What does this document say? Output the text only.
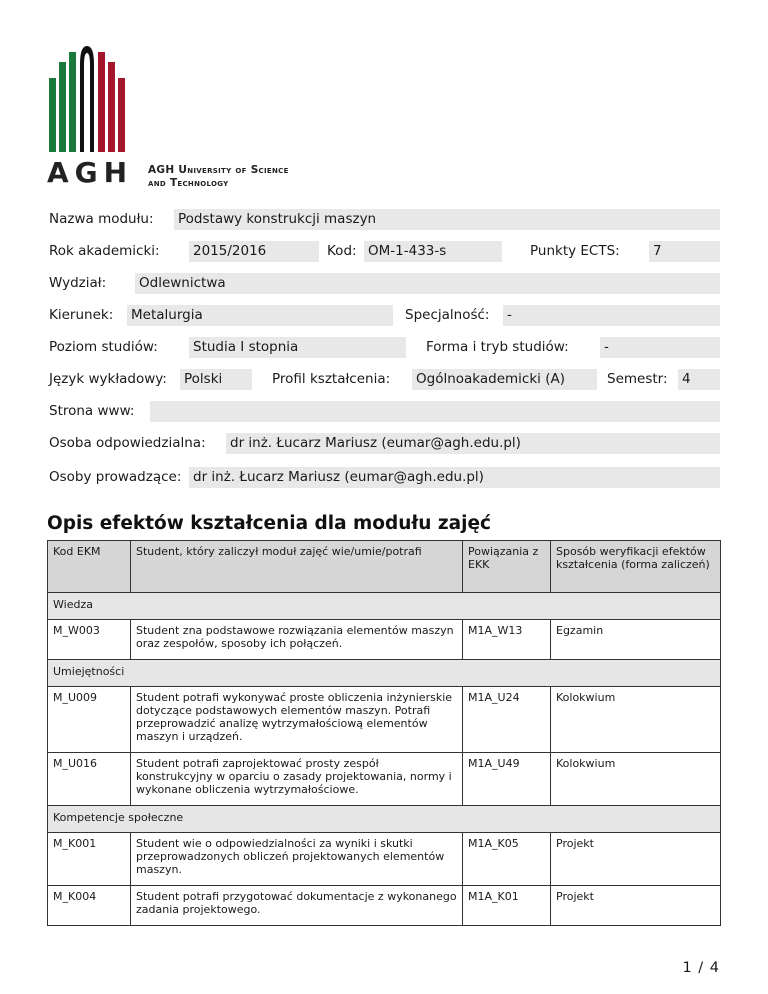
AGH AGH University of Science
and Technology
Nazwa modułu: Podstawy konstrukcji maszyn
Rok akademicki: 2015/2016	Kod: OM-1-433-s	Punkty ECTS: 7
Wydział: Odlewnictwa
Kierunek: Metalurgia	Specjalność: -
Poziom studiów:	Studia I stopnia	Forma i tryb studiów:	-
Język wykładowy: Polski	Profil kształcenia: Ogólnoakademicki (A)	Semestr: 4
Strona www:
Osoba odpowiedzialna: dr inż. Łucarz Mariusz (eumar@agh.edu.pl)
Osoby prowadzące: dr inż. Łucarz Mariusz (eumar@agh.edu.pl)
Opis efektów kształcenia dla modułu zajęć
Kod EKM	Student, który zaliczył moduł zajęć wie/umie/potrafi	Powiązania z EKK	Sposób weryfikacji efektów kształcenia (forma zaliczeń)
Wiedza			
M_W003	Student zna podstawowe rozwiązania elementów maszyn oraz zespołów, sposoby ich połączeń.	M1A_W13	Egzamin
Umiejętności			
M_U009	Student potrafi wykonywać proste obliczenia inżynierskie dotyczące podstawowych elementów maszyn. Potrafi przeprowadzić analizę wytrzymałościową elementów maszyn i urządzeń.	M1A_U24	Kolokwium
M_U016	Student potrafi zaprojektować prosty zespół konstrukcyjny w oparciu o zasady projektowania, normy i wykonane obliczenia wytrzymałościowe.	M1A_U49	Kolokwium
Kompetencje społeczne			
M_K001	Student wie o odpowiedzialności za wyniki i skutki przeprowadzonych obliczeń projektowanych elementów maszyn.	M1A_K05	Projekt
M_K004	Student potrafi przygotować dokumentacje z wykonanego zadania projektowego.	M1A_K01	Projekt
1 / 4
